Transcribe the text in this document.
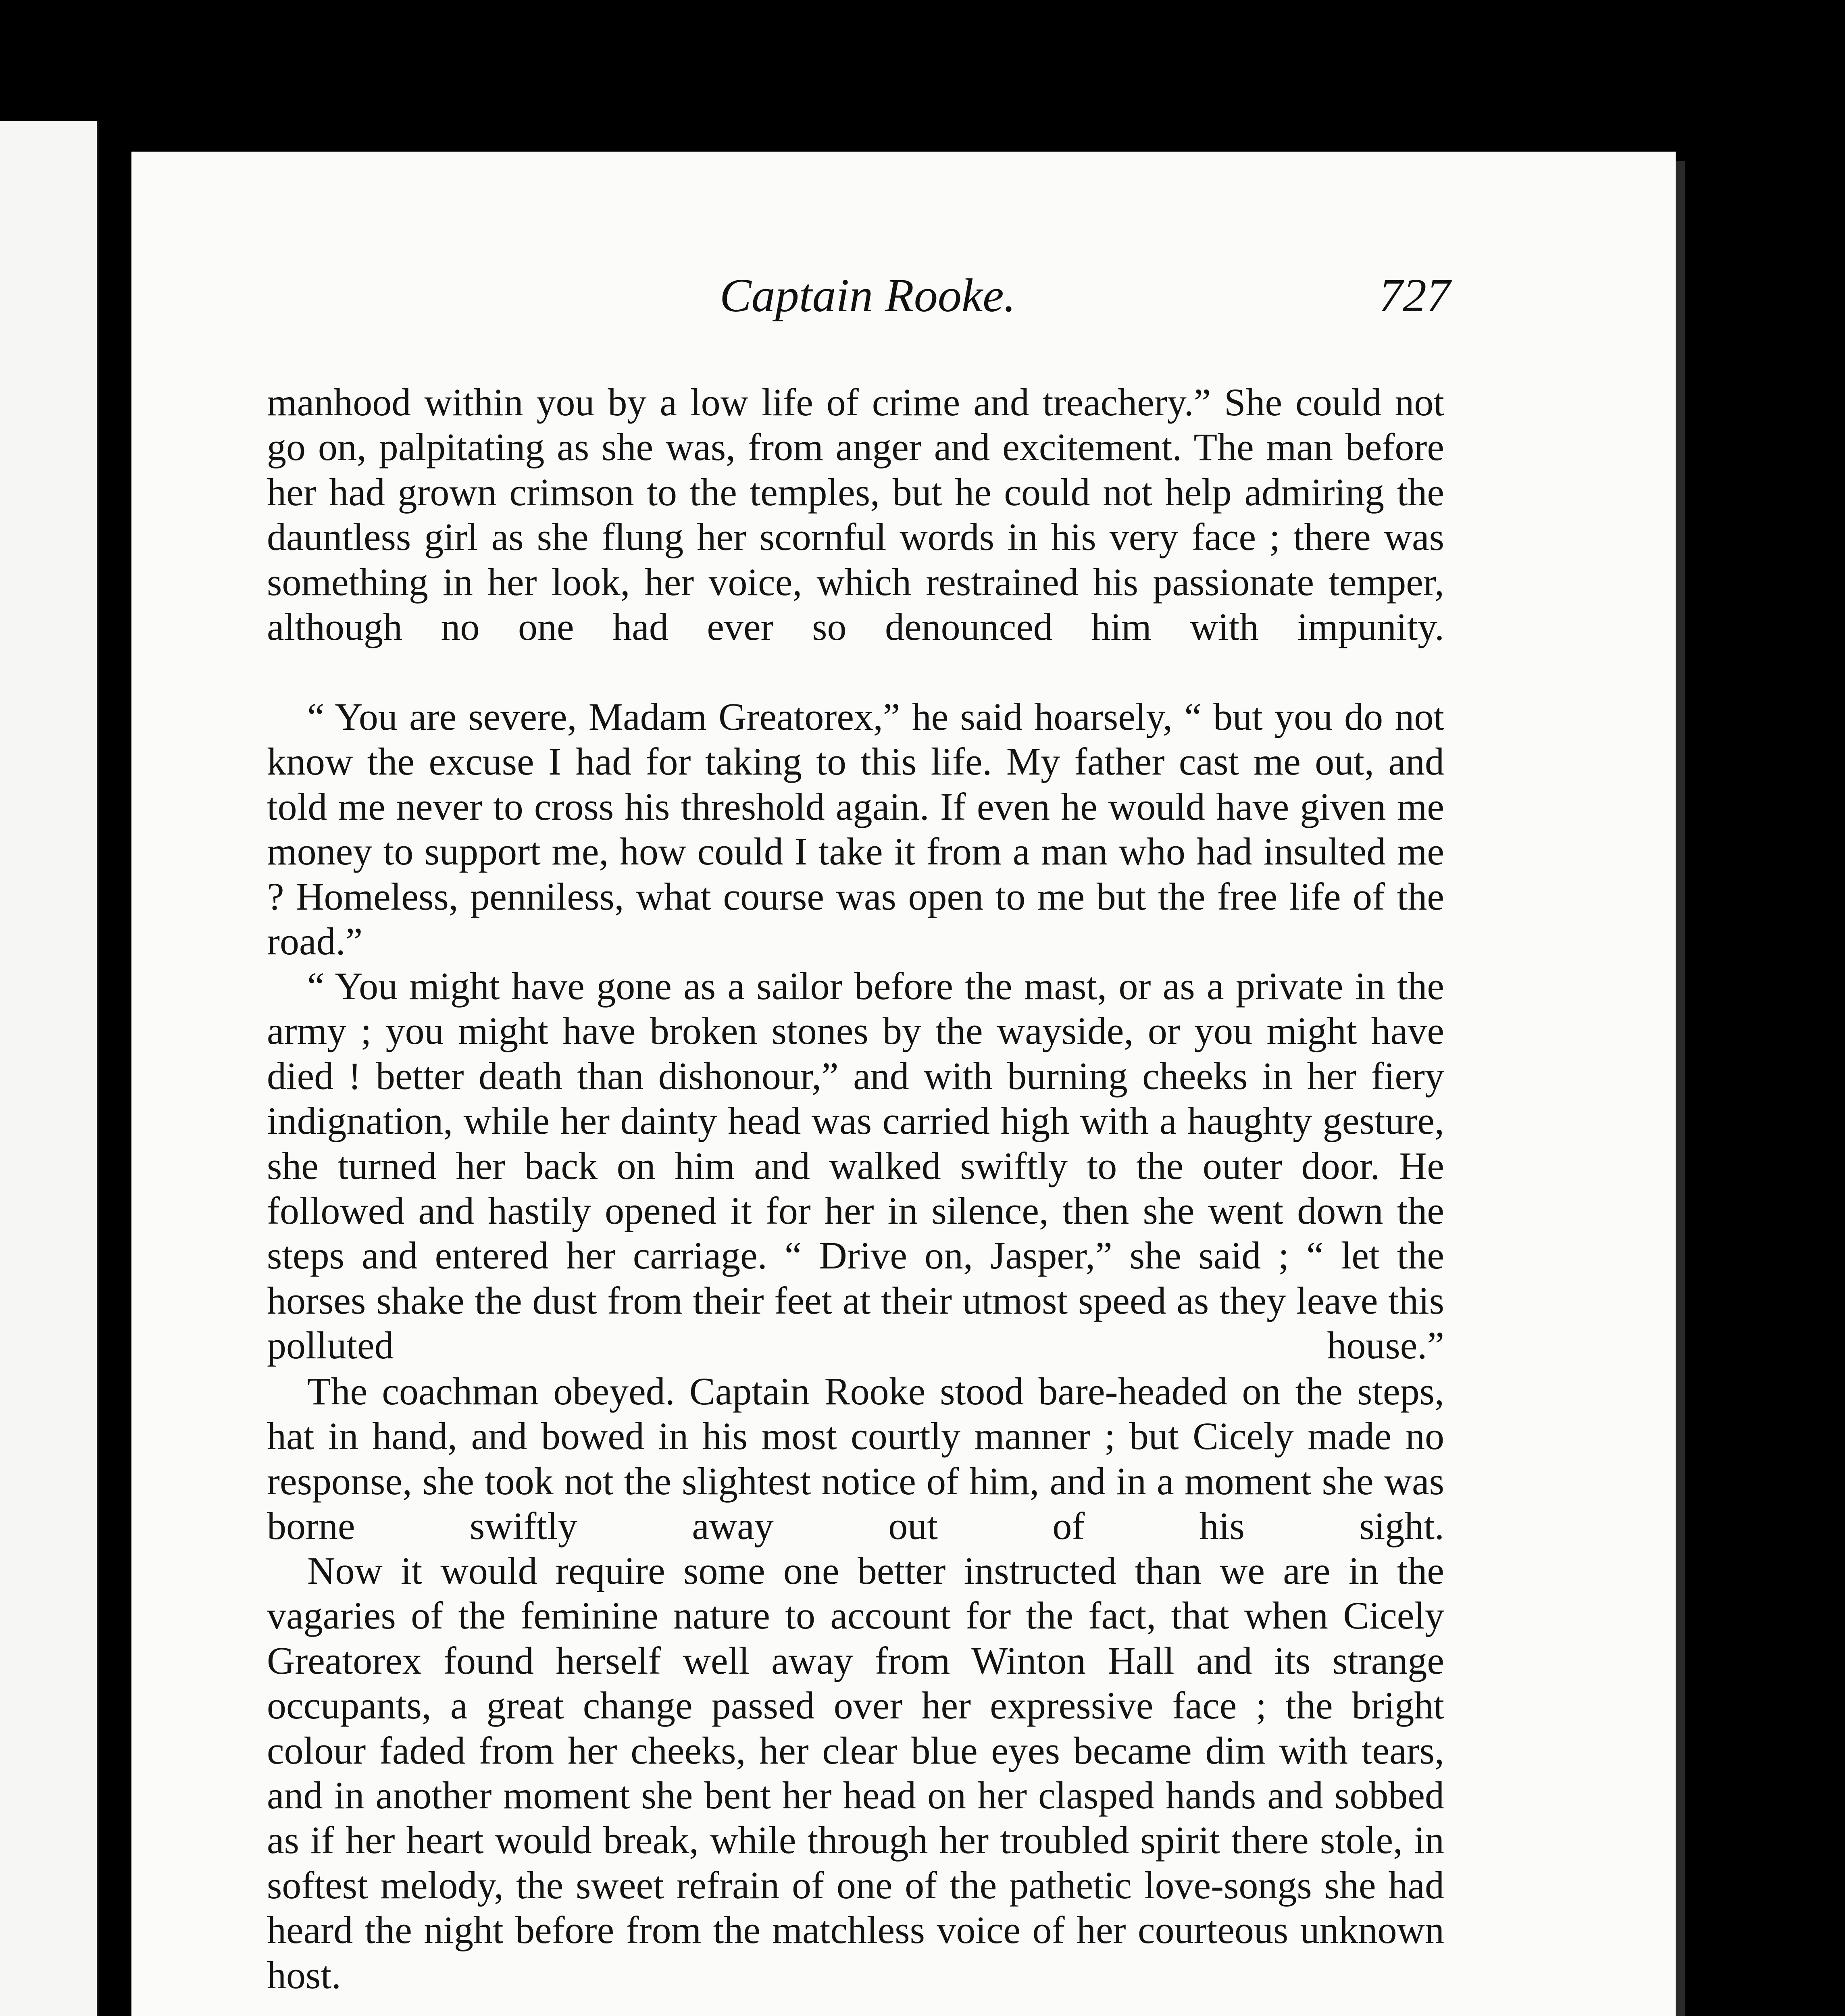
Captain Rooke.	727

manhood within you by a low life of crime and treachery.” She could not go on, palpitating as she was, from anger and excitement. The man before her had grown crimson to the temples, but he could not help admiring the dauntless girl as she flung her scornful words in his very face ; there was something in her look, her voice, which restrained his passionate temper, although no one had ever so denounced him with impunity.

“ You are severe, Madam Greatorex,” he said hoarsely, “ but you do not know the excuse I had for taking to this life. My father cast me out, and told me never to cross his threshold again. If even he would have given me money to support me, how could I take it from a man who had insulted me ? Homeless, penniless, what course was open to me but the free life of the road.”

“ You might have gone as a sailor before the mast, or as a private in the army ; you might have broken stones by the wayside, or you might have died ! better death than dishonour,” and with burning cheeks in her fiery indignation, while her dainty head was carried high with a haughty gesture, she turned her back on him and walked swiftly to the outer door. He followed and hastily opened it for her in silence, then she went down the steps and entered her carriage. “ Drive on, Jasper,” she said ; “ let the horses shake the dust from their feet at their utmost speed as they leave this polluted house.”

The coachman obeyed. Captain Rooke stood bare-headed on the steps, hat in hand, and bowed in his most courtly manner ; but Cicely made no response, she took not the slightest notice of him, and in a moment she was borne swiftly away out of his sight.

Now it would require some one better instructed than we are in the vagaries of the feminine nature to account for the fact, that when Cicely Greatorex found herself well away from Winton Hall and its strange occupants, a great change passed over her expressive face ; the bright colour faded from her cheeks, her clear blue eyes became dim with tears, and in another moment she bent her head on her clasped hands and sobbed as if her heart would break, while through her troubled spirit there stole, in softest melody, the sweet refrain of one of the pathetic love-songs she had heard the night before from the matchless voice of her courteous unknown host.
